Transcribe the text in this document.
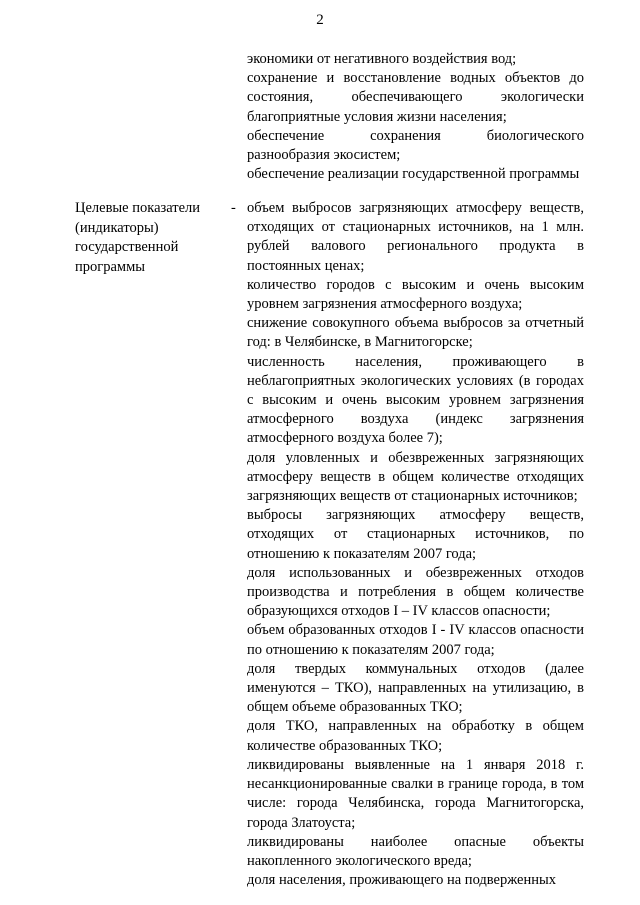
2

экономики от негативного воздействия вод;

сохранение и восстановление водных объектов до состояния, обеспечивающего экологически благоприятные условия жизни населения;

обеспечение сохранения биологического разнообразия экосистем;

обеспечение реализации государственной программы

Целевые показатели (индикаторы) государственной программы
- объем выбросов загрязняющих атмосферу веществ, отходящих от стационарных источников, на 1 млн. рублей валового регионального продукта в постоянных ценах;

количество городов с высоким и очень высоким уровнем загрязнения атмосферного воздуха;

снижение совокупного объема выбросов за отчетный год: в Челябинске, в Магнитогорске;

численность населения, проживающего в неблагоприятных экологических условиях (в городах с высоким и очень высоким уровнем загрязнения атмосферного воздуха (индекс загрязнения атмосферного воздуха более 7);

доля уловленных и обезвреженных загрязняющих атмосферу веществ в общем количестве отходящих загрязняющих веществ от стационарных источников;

выбросы загрязняющих атмосферу веществ, отходящих от стационарных источников, по отношению к показателям 2007 года;

доля использованных и обезвреженных отходов производства и потребления в общем количестве образующихся отходов I – IV классов опасности;

объем образованных отходов I - IV классов опасности по отношению к показателям 2007 года;

доля твердых коммунальных отходов (далее именуются – ТКО), направленных на утилизацию, в общем объеме образованных ТКО;

доля ТКО, направленных на обработку в общем количестве образованных ТКО;

ликвидированы выявленные на 1 января 2018 г. несанкционированные свалки в границе города, в том числе: города Челябинска, города Магнитогорска, города Златоуста;

ликвидированы наиболее опасные объекты накопленного экологического вреда;

доля населения, проживающего на подверженных
